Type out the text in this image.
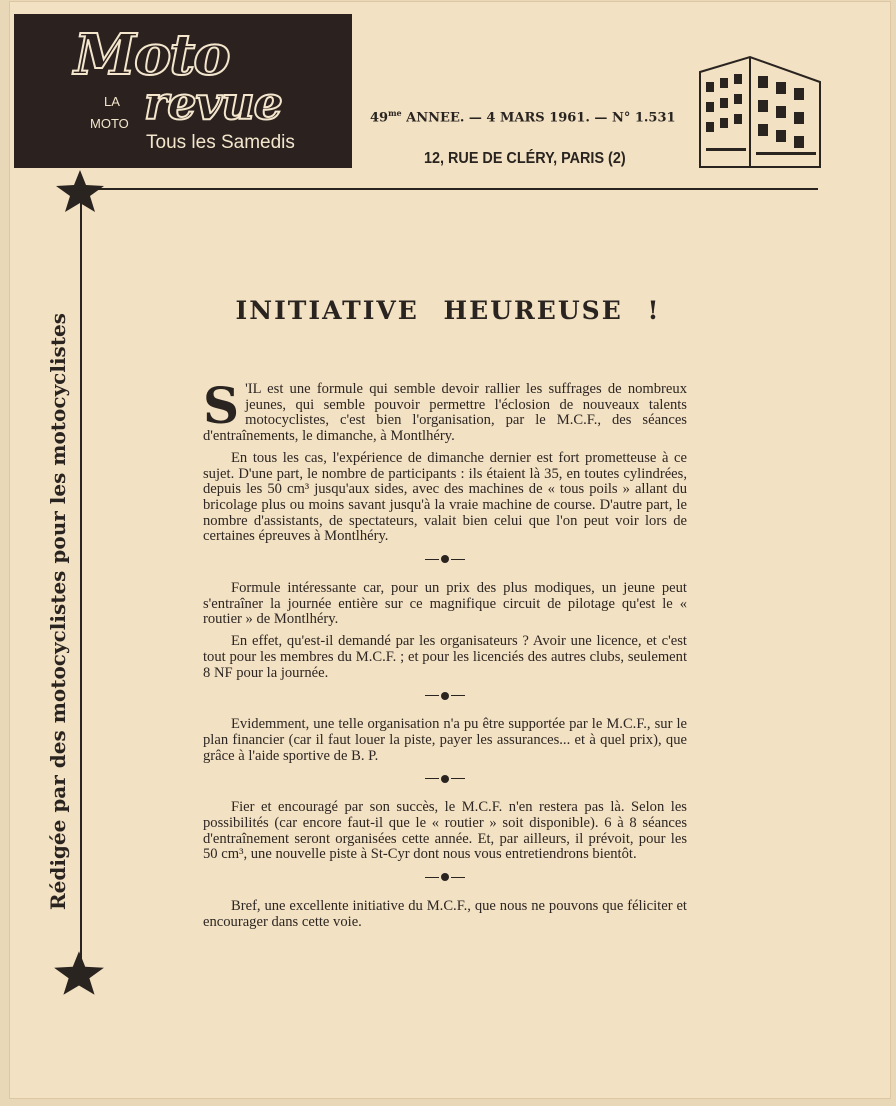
Moto
LA
MOTO revue
Tous les Samedis
$49^{me}$ ANNEE. — 4 MARS 1961. — N° 1.531
12, RUE DE CLÉRY, PARIS (2)
Rédigée par des motocyclistes pour les motocyclistes
INITIATIVE HEUREUSE !

S 'IL est une formule qui semble devoir rallier les suffrages de nombreux jeunes, qui semble pouvoir permettre l'éclosion de nouveaux talents motocyclistes, c'est bien l'organisation, par le M.C.F., des séances d'entraînements, le dimanche, à Montlhéry.

En tous les cas, l'expérience de dimanche dernier est fort prometteuse à ce sujet. D'une part, le nombre de participants : ils étaient là 35, en toutes cylindrées, depuis les 50 cm³ jusqu'aux sides, avec des machines de « tous poils » allant du bricolage plus ou moins savant jusqu'à la vraie machine de course. D'autre part, le nombre d'assistants, de spectateurs, valait bien celui que l'on peut voir lors de certaines épreuves à Montlhéry.

Formule intéressante car, pour un prix des plus modiques, un jeune peut s'entraîner la journée entière sur ce magnifique circuit de pilotage qu'est le « routier » de Montlhéry.

En effet, qu'est-il demandé par les organisateurs ? Avoir une licence, et c'est tout pour les membres du M.C.F. ; et pour les licenciés des autres clubs, seulement 8 NF pour la journée.

Evidemment, une telle organisation n'a pu être supportée par le M.C.F., sur le plan financier (car il faut louer la piste, payer les assurances... et à quel prix), que grâce à l'aide sportive de B. P.

Fier et encouragé par son succès, le M.C.F. n'en restera pas là. Selon les possibilités (car encore faut-il que le « routier » soit disponible). 6 à 8 séances d'entraînement seront organisées cette année. Et, par ailleurs, il prévoit, pour les 50 cm³, une nouvelle piste à St-Cyr dont nous vous entretiendrons bientôt.

Bref, une excellente initiative du M.C.F., que nous ne pouvons que féliciter et encourager dans cette voie.
